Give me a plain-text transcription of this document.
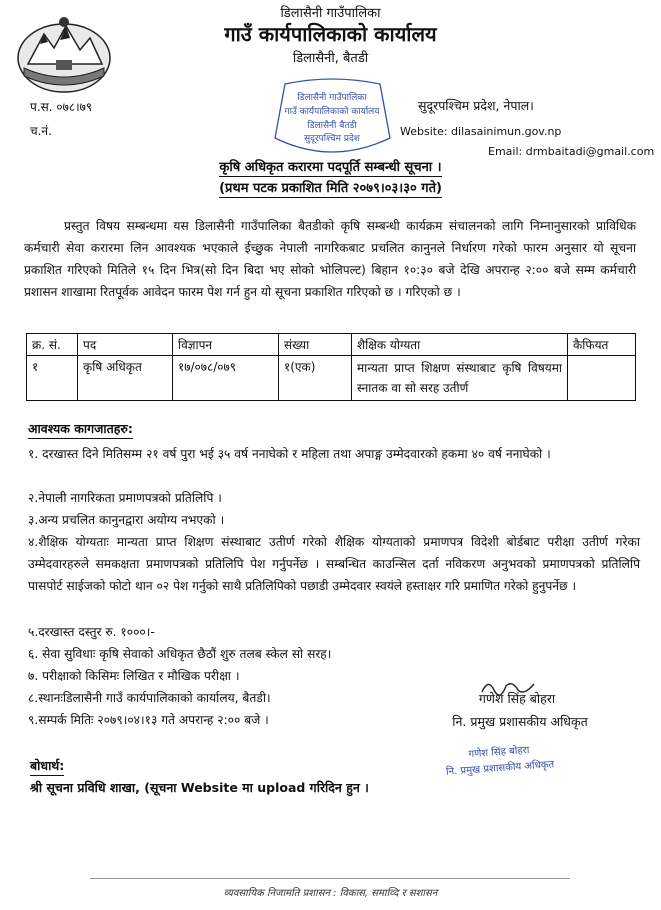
डिलासैनी गाउँपालिका
गाउँ कार्यपालिकाको कार्यालय
डिलासैनी, बैतडी
प.स. ०७८।७९
च.नं.
सुदूरपश्चिम प्रदेश, नेपाल।
Website: dilasainimun.gov.np
Email: drmbaitadi@gmail.com
डिलासैनी गाउँपालिका
गाउँ कार्यपालिकाको कार्यालय
डिलासैनी बैतडी
सुदूरपश्चिम प्रदेश
कृषि अधिकृत करारमा पदपूर्ति सम्बन्धी सूचना ।
(प्रथम पटक प्रकाशित मिति २०७९।०३।३० गते)
प्रस्तुत विषय सम्बन्धमा यस डिलासैनी गाउँपालिका बैतडीको कृषि सम्बन्धी कार्यक्रम संचालनको लागि निम्नानुसारको प्राविधिक कर्मचारी सेवा करारमा लिन आवश्यक भएकाले ईच्छुक नेपाली नागरिकबाट प्रचलित कानुनले निर्धारण गरेको फारम अनुसार यो सूचना प्रकाशित गरिएको मितिले १५ दिन भित्र(सो दिन बिदा भए सोको भोलिपल्ट) बिहान १०:३० बजे देखि अपरान्ह २:०० बजे सम्म कर्मचारी प्रशासन शाखामा रितपूर्वक आवेदन फारम पेश गर्न हुन यो सूचना प्रकाशित गरिएको छ । गरिएको छ ।
क्र. सं.	पद	विज्ञापन	संख्या	शैक्षिक योग्यता	कैफियत
१	कृषि अधिकृत	१७/०७८/०७९	१(एक)	मान्यता प्राप्त शिक्षण संस्थाबाट कृषि विषयमा स्नातक वा सो सरह उतीर्ण	
आवश्यक कागजातहरु:
१. दरखास्त दिने मितिसम्म २१ वर्ष पुरा भई ३५ वर्ष ननाघेको र महिला तथा अपाङ्ग उम्मेदवारको हकमा ४० वर्ष ननाघेको ।
२.नेपाली नागरिकता प्रमाणपत्रको प्रतिलिपि ।
३.अन्य प्रचलित कानुनद्वारा अयोग्य नभएको ।
४.शैक्षिक योग्यताः मान्यता प्राप्त शिक्षण संस्थाबाट उतीर्ण गरेको शैक्षिक योग्यताको प्रमाणपत्र विदेशी बोर्डबाट परीक्षा उतीर्ण गरेका उम्मेदवारहरुले समकक्षता प्रमाणपत्रको प्रतिलिपि पेश गर्नुपर्नेछ । सम्बन्धित काउन्सिल दर्ता नविकरण अनुभवको प्रमाणपत्रको प्रतिलिपि पासपोर्ट साईजको फोटो थान ०२ पेश गर्नुको साथै प्रतिलिपिको पछाडी उम्मेदवार स्वयंले हस्ताक्षर गरि प्रमाणित गरेको हुनुपर्नेछ ।
५.दरखास्त दस्तुर रु. १०००।-
६. सेवा सुविधाः कृषि सेवाको अधिकृत छैठौं शुरु तलब स्केल सो सरह।
७. परीक्षाको किसिमः लिखित र मौखिक परीक्षा ।
८.स्थानःडिलासैनी गाउँ कार्यपालिकाको कार्यालय, बैतडी।
९.सम्पर्क मितिः २०७९।०४।१३ गते अपरान्ह २:०० बजे ।
गणेश सिंह बोहरा
नि. प्रमुख प्रशासकीय अधिकृत
गणेश सिंह बोहरा
नि. प्रमुख प्रशासकीय अधिकृत
बोधार्थ:
श्री सूचना प्रविधि शाखा, (सूचना Website मा upload गरिदिन हुन ।
व्यवसायिक निजामति प्रशासन : विकास, समाव्दि र सशासन
